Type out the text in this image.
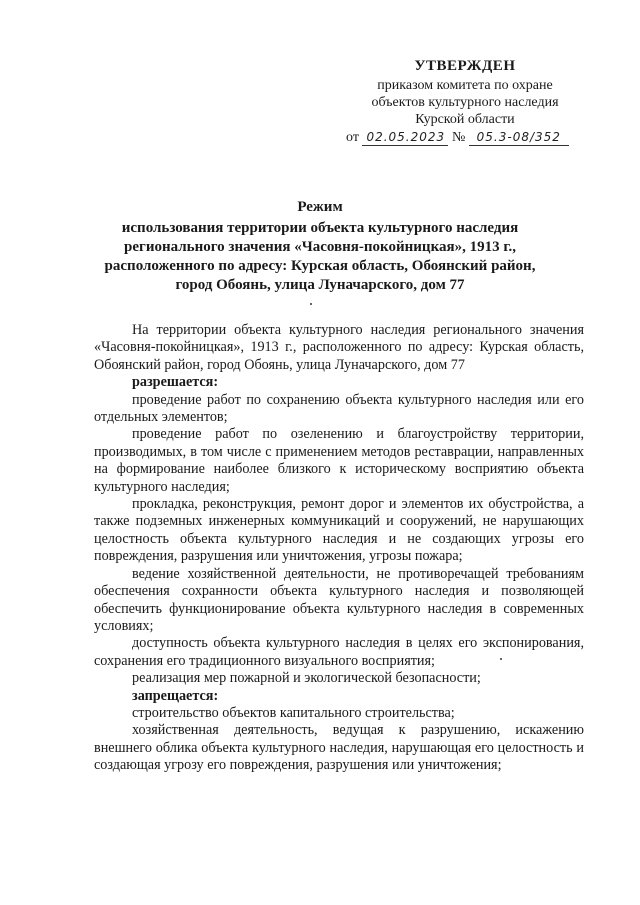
УТВЕРЖДЕН
приказом комитета по охране
объектов культурного наследия
Курской области
от 02.05.2023 № 05.3-08/352
Режим
использования территории объекта культурного наследия
регионального значения «Часовня-покойницкая», 1913 г.,
расположенного по адресу: Курская область, Обоянский район,
город Обоянь, улица Луначарского, дом 77

На территории объекта культурного наследия регионального значения «Часовня-покойницкая», 1913 г., расположенного по адресу: Курская область, Обоянский район, город Обоянь, улица Луначарского, дом 77

разрешается:

проведение работ по сохранению объекта культурного наследия или его отдельных элементов;

проведение работ по озеленению и благоустройству территории, производимых, в том числе с применением методов реставрации, направленных на формирование наиболее близкого к историческому восприятию объекта культурного наследия;

прокладка, реконструкция, ремонт дорог и элементов их обустройства, а также подземных инженерных коммуникаций и сооружений, не нарушающих целостность объекта культурного наследия и не создающих угрозы его повреждения, разрушения или уничтожения, угрозы пожара;

ведение хозяйственной деятельности, не противоречащей требованиям обеспечения сохранности объекта культурного наследия и позволяющей обеспечить функционирование объекта культурного наследия в современных условиях;

доступность объекта культурного наследия в целях его экспонирования, сохранения его традиционного визуального восприятия;

реализация мер пожарной и экологической безопасности;

запрещается:

строительство объектов капитального строительства;

хозяйственная деятельность, ведущая к разрушению, искажению внешнего облика объекта культурного наследия, нарушающая его целостность и создающая угрозу его повреждения, разрушения или уничтожения;
